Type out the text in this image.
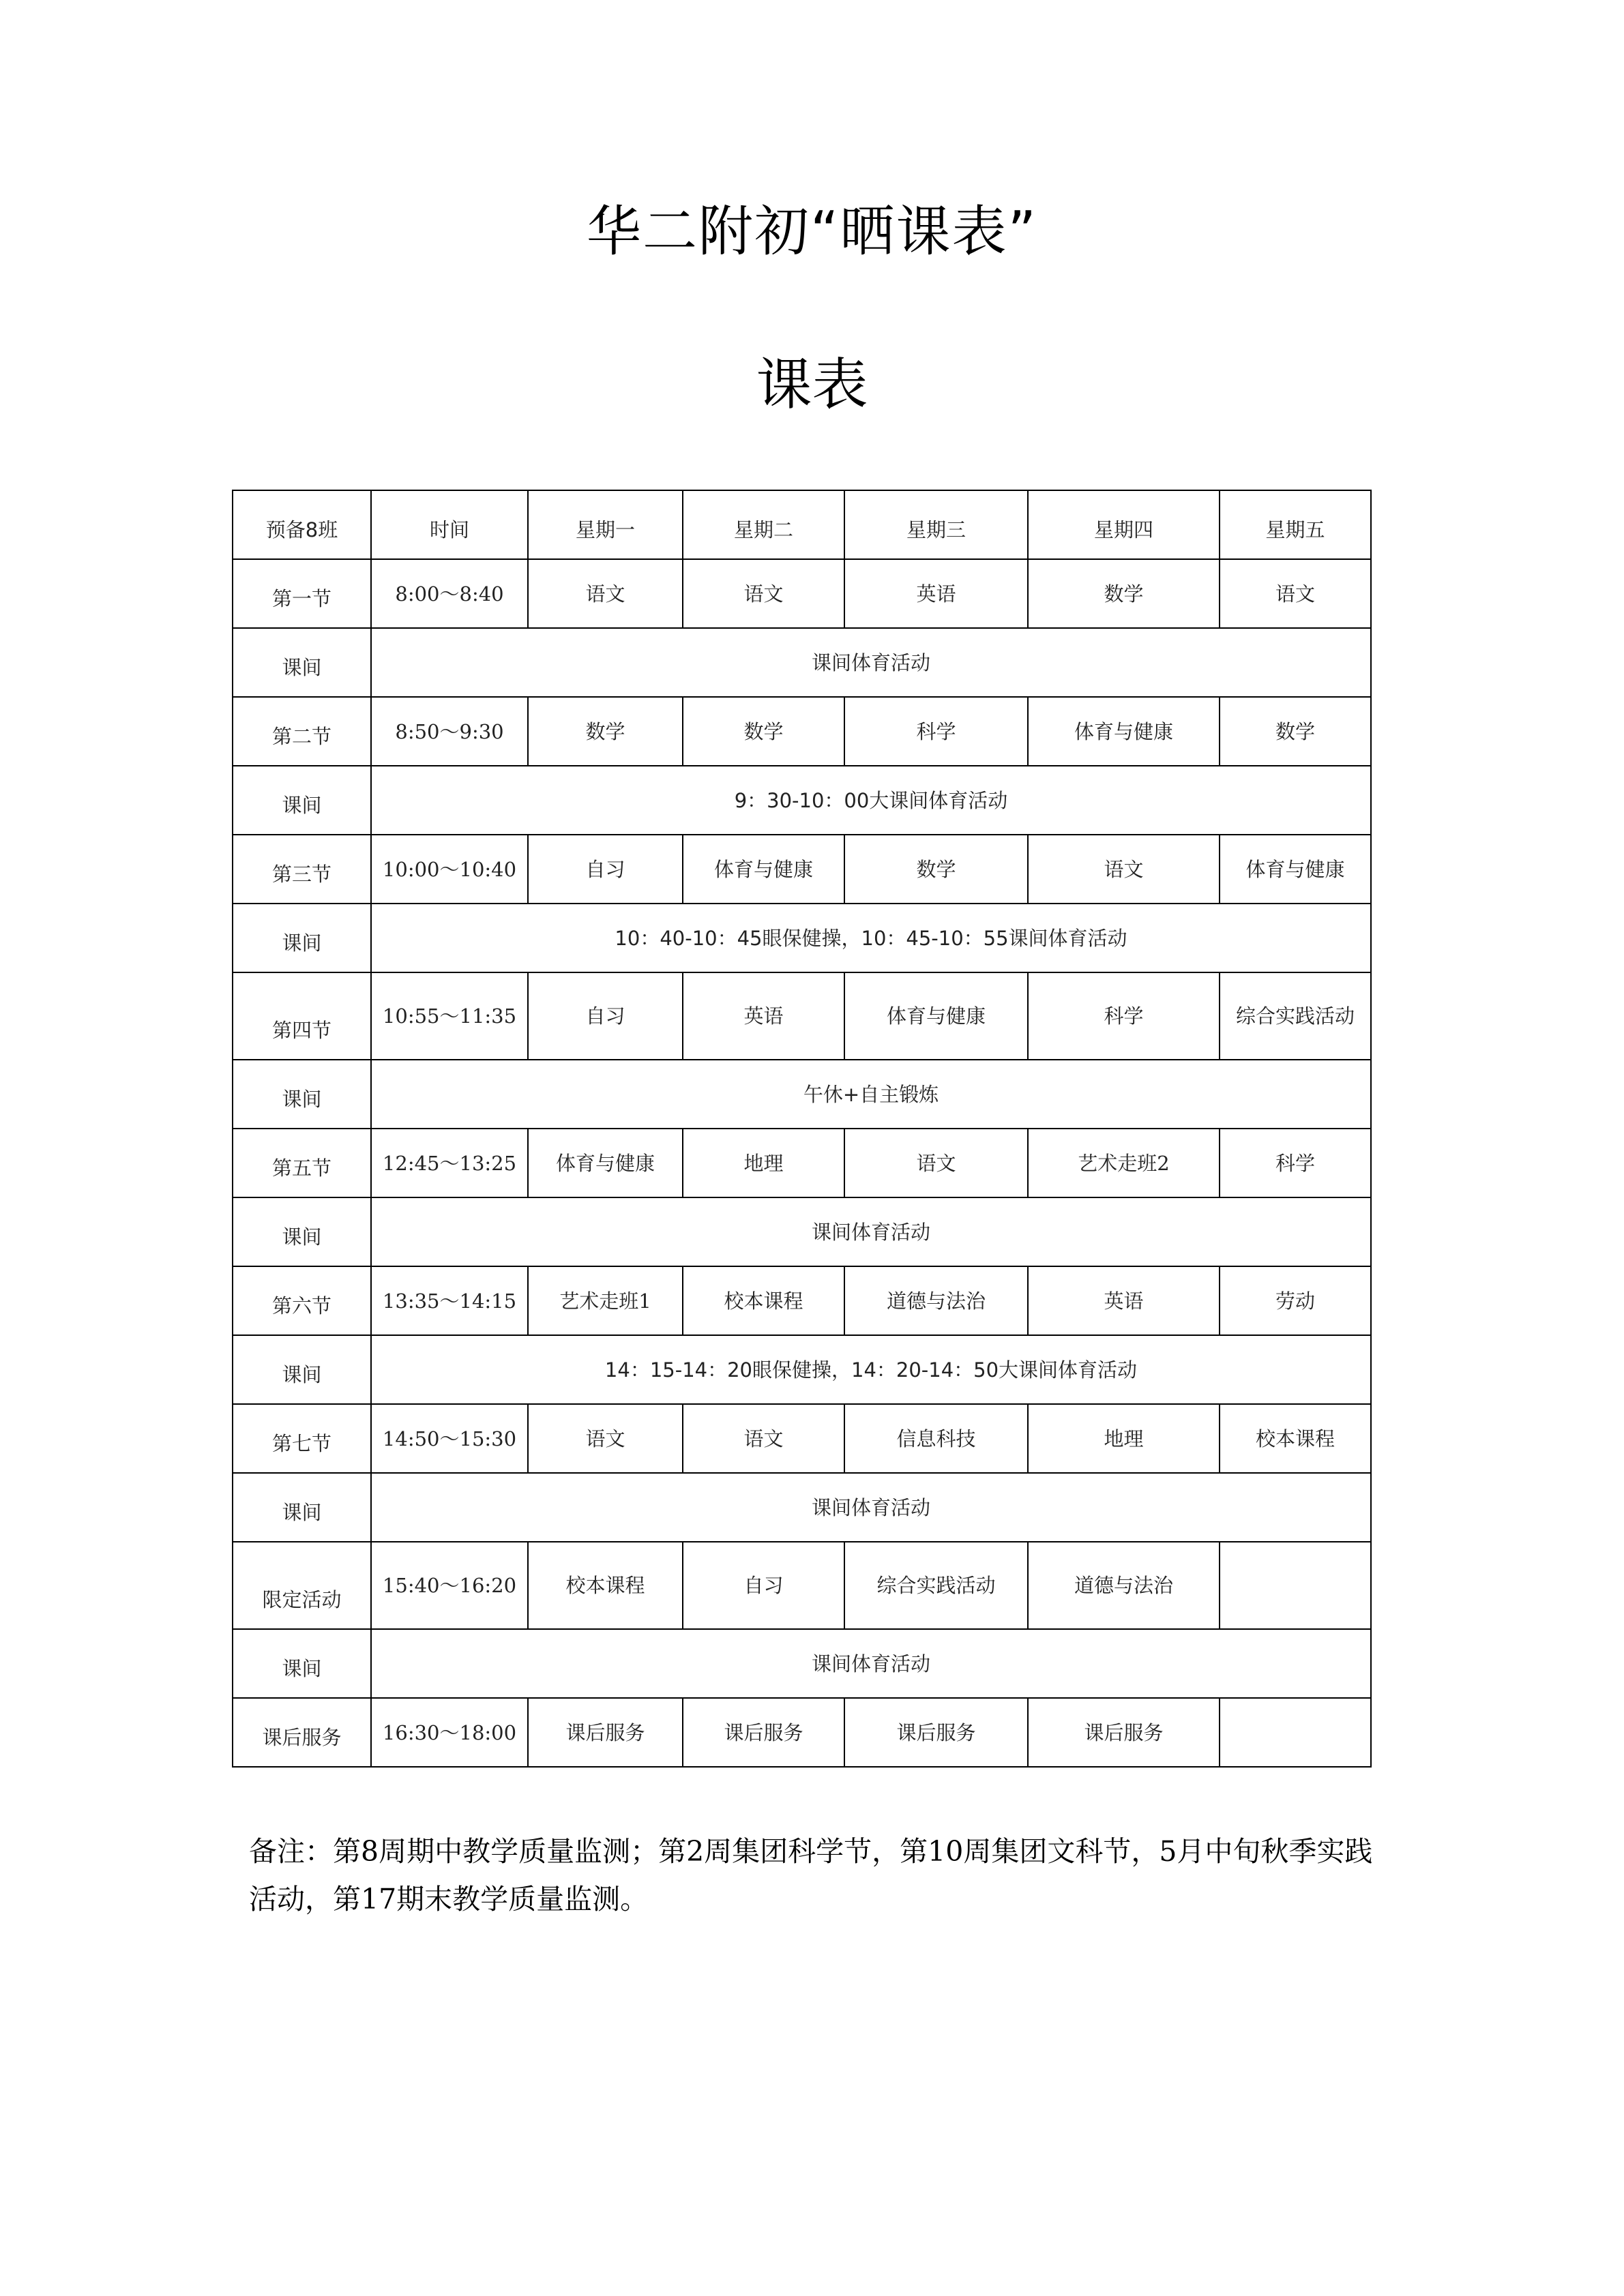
华二附初“晒课表”
课表
预备8班	时间	星期一	星期二	星期三	星期四	星期五
第一节	8:00～8:40	语文	语文	英语	数学	语文
课间	课间体育活动					
第二节	8:50～9:30	数学	数学	科学	体育与健康	数学
课间	9：30-10：00大课间体育活动					
第三节	10:00～10:40	自习	体育与健康	数学	语文	体育与健康
课间	10：40-10：45眼保健操，10：45-10：55课间体育活动					
第四节	10:55～11:35	自习	英语	体育与健康	科学	综合实践活动
课间	午休+自主锻炼					
第五节	12:45～13:25	体育与健康	地理	语文	艺术走班2	科学
课间	课间体育活动					
第六节	13:35～14:15	艺术走班1	校本课程	道德与法治	英语	劳动
课间	14：15-14：20眼保健操，14：20-14：50大课间体育活动					
第七节	14:50～15:30	语文	语文	信息科技	地理	校本课程
课间	课间体育活动					
限定活动	15:40～16:20	校本课程	自习	综合实践活动	道德与法治	
课间	课间体育活动					
课后服务	16:30～18:00	课后服务	课后服务	课后服务	课后服务	
备注：第8周期中教学质量监测；第2周集团科学节，第10周集团文科节，5月中旬秋季实践活动，第17期末教学质量监测。
